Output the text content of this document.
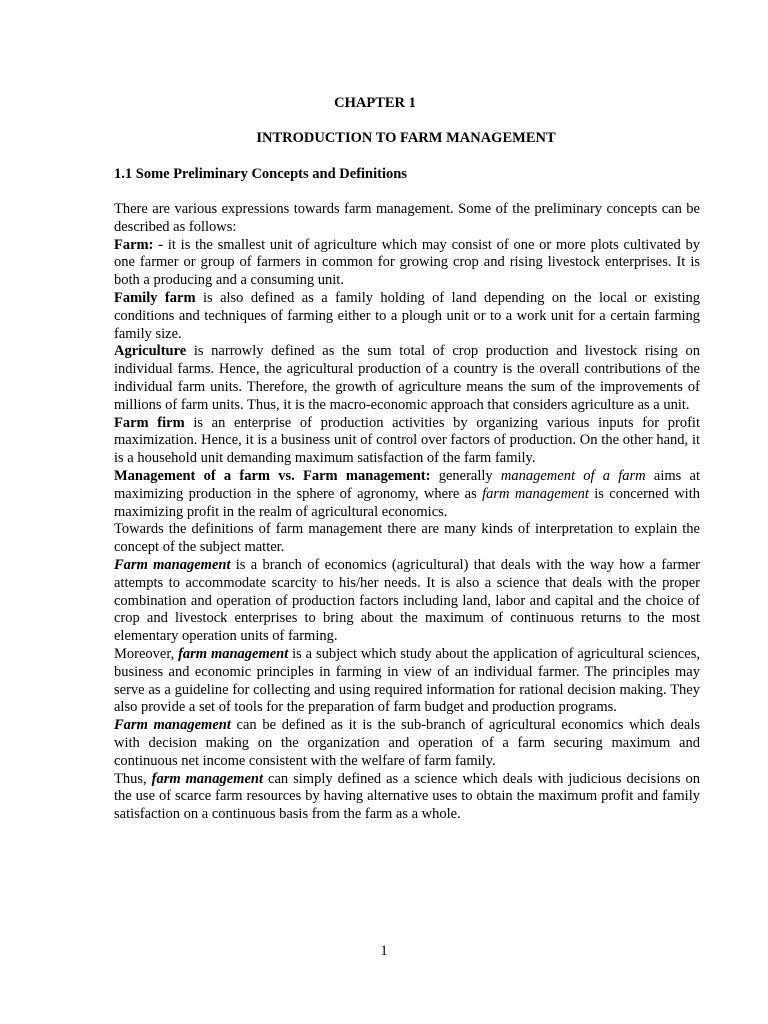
CHAPTER 1
INTRODUCTION TO FARM MANAGEMENT
1.1 Some Preliminary Concepts and Definitions

There are various expressions towards farm management. Some of the preliminary concepts can be described as follows:

Farm: - it is the smallest unit of agriculture which may consist of one or more plots cultivated by one farmer or group of farmers in common for growing crop and rising livestock enterprises. It is both a producing and a consuming unit.

Family farm is also defined as a family holding of land depending on the local or existing conditions and techniques of farming either to a plough unit or to a work unit for a certain farming family size.

Agriculture is narrowly defined as the sum total of crop production and livestock rising on individual farms. Hence, the agricultural production of a country is the overall contributions of the individual farm units. Therefore, the growth of agriculture means the sum of the improvements of millions of farm units. Thus, it is the macro-economic approach that considers agriculture as a unit.

Farm firm is an enterprise of production activities by organizing various inputs for profit maximization. Hence, it is a business unit of control over factors of production. On the other hand, it is a household unit demanding maximum satisfaction of the farm family.

Management of a farm vs. Farm management: generally management of a farm aims at maximizing production in the sphere of agronomy, where as farm management is concerned with maximizing profit in the realm of agricultural economics.

Towards the definitions of farm management there are many kinds of interpretation to explain the concept of the subject matter.

Farm management is a branch of economics (agricultural) that deals with the way how a farmer attempts to accommodate scarcity to his/her needs. It is also a science that deals with the proper combination and operation of production factors including land, labor and capital and the choice of crop and livestock enterprises to bring about the maximum of continuous returns to the most elementary operation units of farming.

Moreover, farm management is a subject which study about the application of agricultural sciences, business and economic principles in farming in view of an individual farmer. The principles may serve as a guideline for collecting and using required information for rational decision making. They also provide a set of tools for the preparation of farm budget and production programs.

Farm management can be defined as it is the sub-branch of agricultural economics which deals with decision making on the organization and operation of a farm securing maximum and continuous net income consistent with the welfare of farm family.

Thus, farm management can simply defined as a science which deals with judicious decisions on the use of scarce farm resources by having alternative uses to obtain the maximum profit and family satisfaction on a continuous basis from the farm as a whole.

1
